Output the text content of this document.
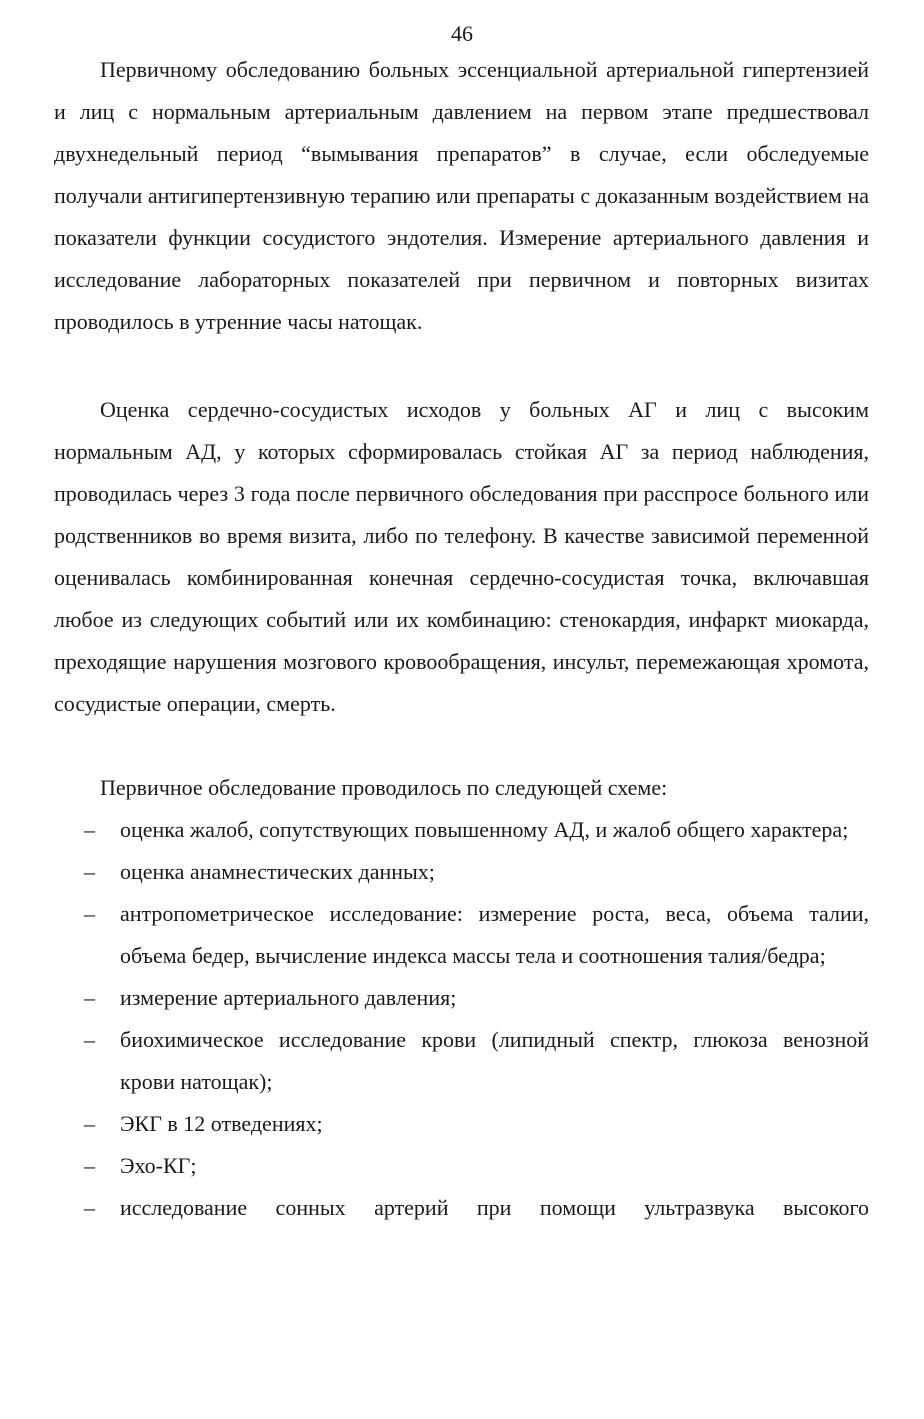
46

Первичному обследованию больных эссенциальной артериальной гипертензией и лиц с нормальным артериальным давлением на первом этапе предшествовал двухнедельный период “вымывания препаратов” в случае, если обследуемые получали антигипертензивную терапию или препараты с доказанным воздействием на показатели функции сосудистого эндотелия. Измерение артериального давления и исследование лабораторных показателей при первичном и повторных визитах проводилось в утренние часы натощак.

Оценка сердечно-сосудистых исходов у больных АГ и лиц с высоким нормальным АД, у которых сформировалась стойкая АГ за период наблюдения, проводилась через 3 года после первичного обследования при расспросе больного или родственников во время визита, либо по телефону. В качестве зависимой переменной оценивалась комбинированная конечная сердечно-сосудистая точка, включавшая любое из следующих событий или их комбинацию: стенокардия, инфаркт миокарда, преходящие нарушения мозгового кровообращения, инсульт, перемежающая хромота, сосудистые операции, смерть.

Первичное обследование проводилось по следующей схеме:

– оценка жалоб, сопутствующих повышенному АД, и жалоб общего характера;
– оценка анамнестических данных;
– антропометрическое исследование: измерение роста, веса, объема талии, объема бедер, вычисление индекса массы тела и соотношения талия/бедра;
– измерение артериального давления;
– биохимическое исследование крови (липидный спектр, глюкоза венозной крови натощак);
– ЭКГ в 12 отведениях;
– Эхо-КГ;
– исследование сонных артерий при помощи ультразвука высокого
